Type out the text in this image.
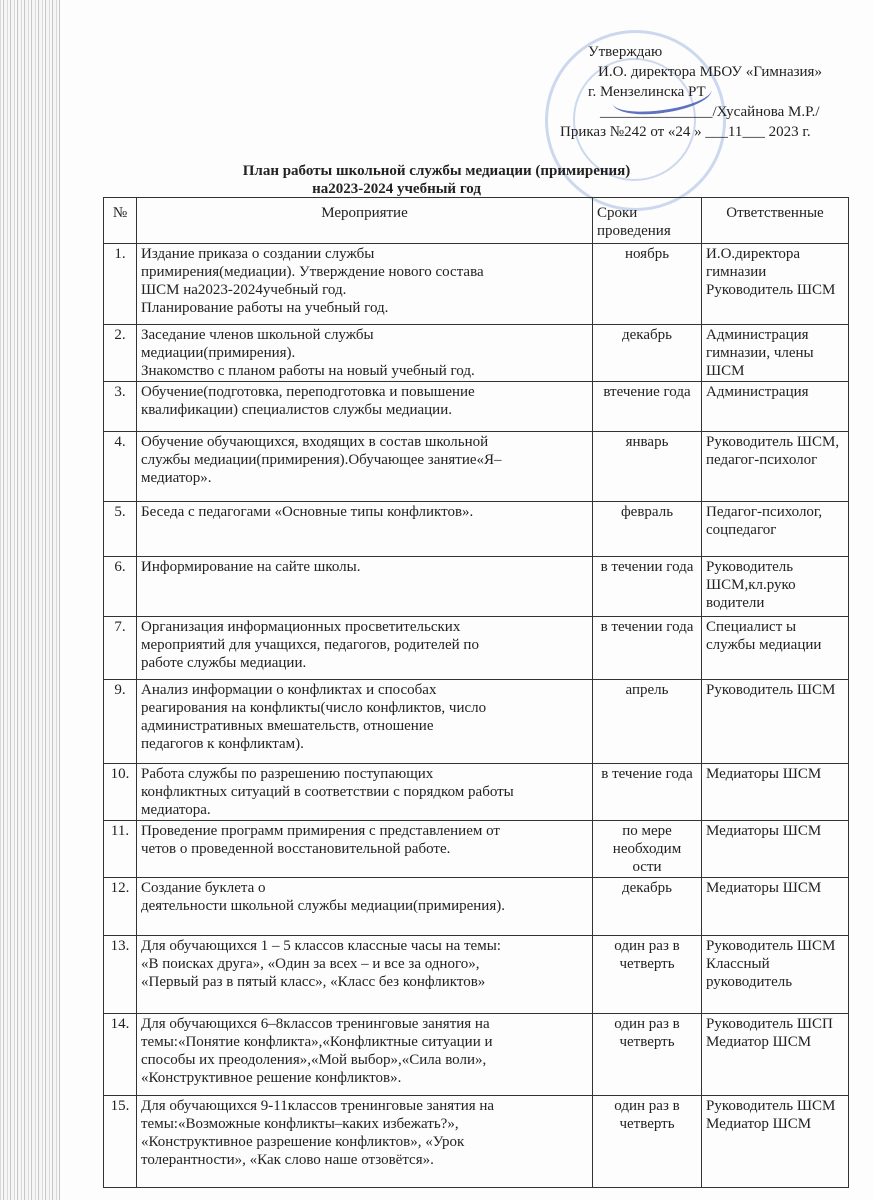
Утверждаю
И.О. директора МБОУ «Гимназия»
г. Мензелинска РТ
_______________/Хусайнова М.Р./
Приказ №242 от «24 » ___11___ 2023 г.
План работы школьной службы медиации (примирения)
на2023-2024 учебный год
№	Мероприятие	Сроки проведения	Ответственные
1.	Издание приказа о создании службы
примирения(медиации). Утверждение нового состава
ШСМ на2023-2024учебный год.
Планирование работы на учебный год.	ноябрь	И.О.директора гимназии Руководитель ШСМ
2.	Заседание членов школьной службы
медиации(примирения).
Знакомство с планом работы на новый учебный год.	декабрь	Администрация гимназии, члены ШСМ
3.	Обучение(подготовка, переподготовка и повышение
квалификации) специалистов службы медиации.	втечение года	Администрация
4.	Обучение обучающихся, входящих в состав школьной
службы медиации(примирения).Обучающее занятие«Я–
медиатор».	январь	Руководитель ШСМ, педагог-психолог
5.	Беседа с педагогами «Основные типы конфликтов».	февраль	Педагог-психолог, соцпедагог
6.	Информирование на сайте школы.	в течении года	Руководитель ШСМ,кл.руко водители
7.	Организация информационных просветительских
мероприятий для учащихся, педагогов, родителей по
работе службы медиации.	в течении года	Специалист ы службы медиации
9.	Анализ информации о конфликтах и способах
реагирования на конфликты(число конфликтов, число
административных вмешательств, отношение
педагогов к конфликтам).	апрель	Руководитель ШСМ
10.	Работа службы по разрешению поступающих
конфликтных ситуаций в соответствии с порядком работы
медиатора.	в течение года	Медиаторы ШСМ
11.	Проведение программ примирения с представлением от
четов о проведенной восстановительной работе.	по мере необходим ости	Медиаторы ШСМ
12.	Создание буклета о
деятельности школьной службы медиации(примирения).	декабрь	Медиаторы ШСМ
13.	Для обучающихся 1 – 5 классов классные часы на темы:
«В поисках друга», «Один за всех – и все за одного»,
«Первый раз в пятый класс», «Класс без конфликтов»	один раз в четверть	Руководитель ШСМ Классный руководитель
14.	Для обучающихся 6–8классов тренинговые занятия на
темы:«Понятие конфликта»,«Конфликтные ситуации и
способы их преодоления»,«Мой выбор»,«Сила воли»,
«Конструктивное решение конфликтов».	один раз в четверть	Руководитель ШСП Медиатор ШСМ
15.	Для обучающихся 9-11классов тренинговые занятия на
темы:«Возможные конфликты–каких избежать?»,
«Конструктивное разрешение конфликтов», «Урок
толерантности», «Как слово наше отзовётся».	один раз в четверть	Руководитель ШСМ Медиатор ШСМ
